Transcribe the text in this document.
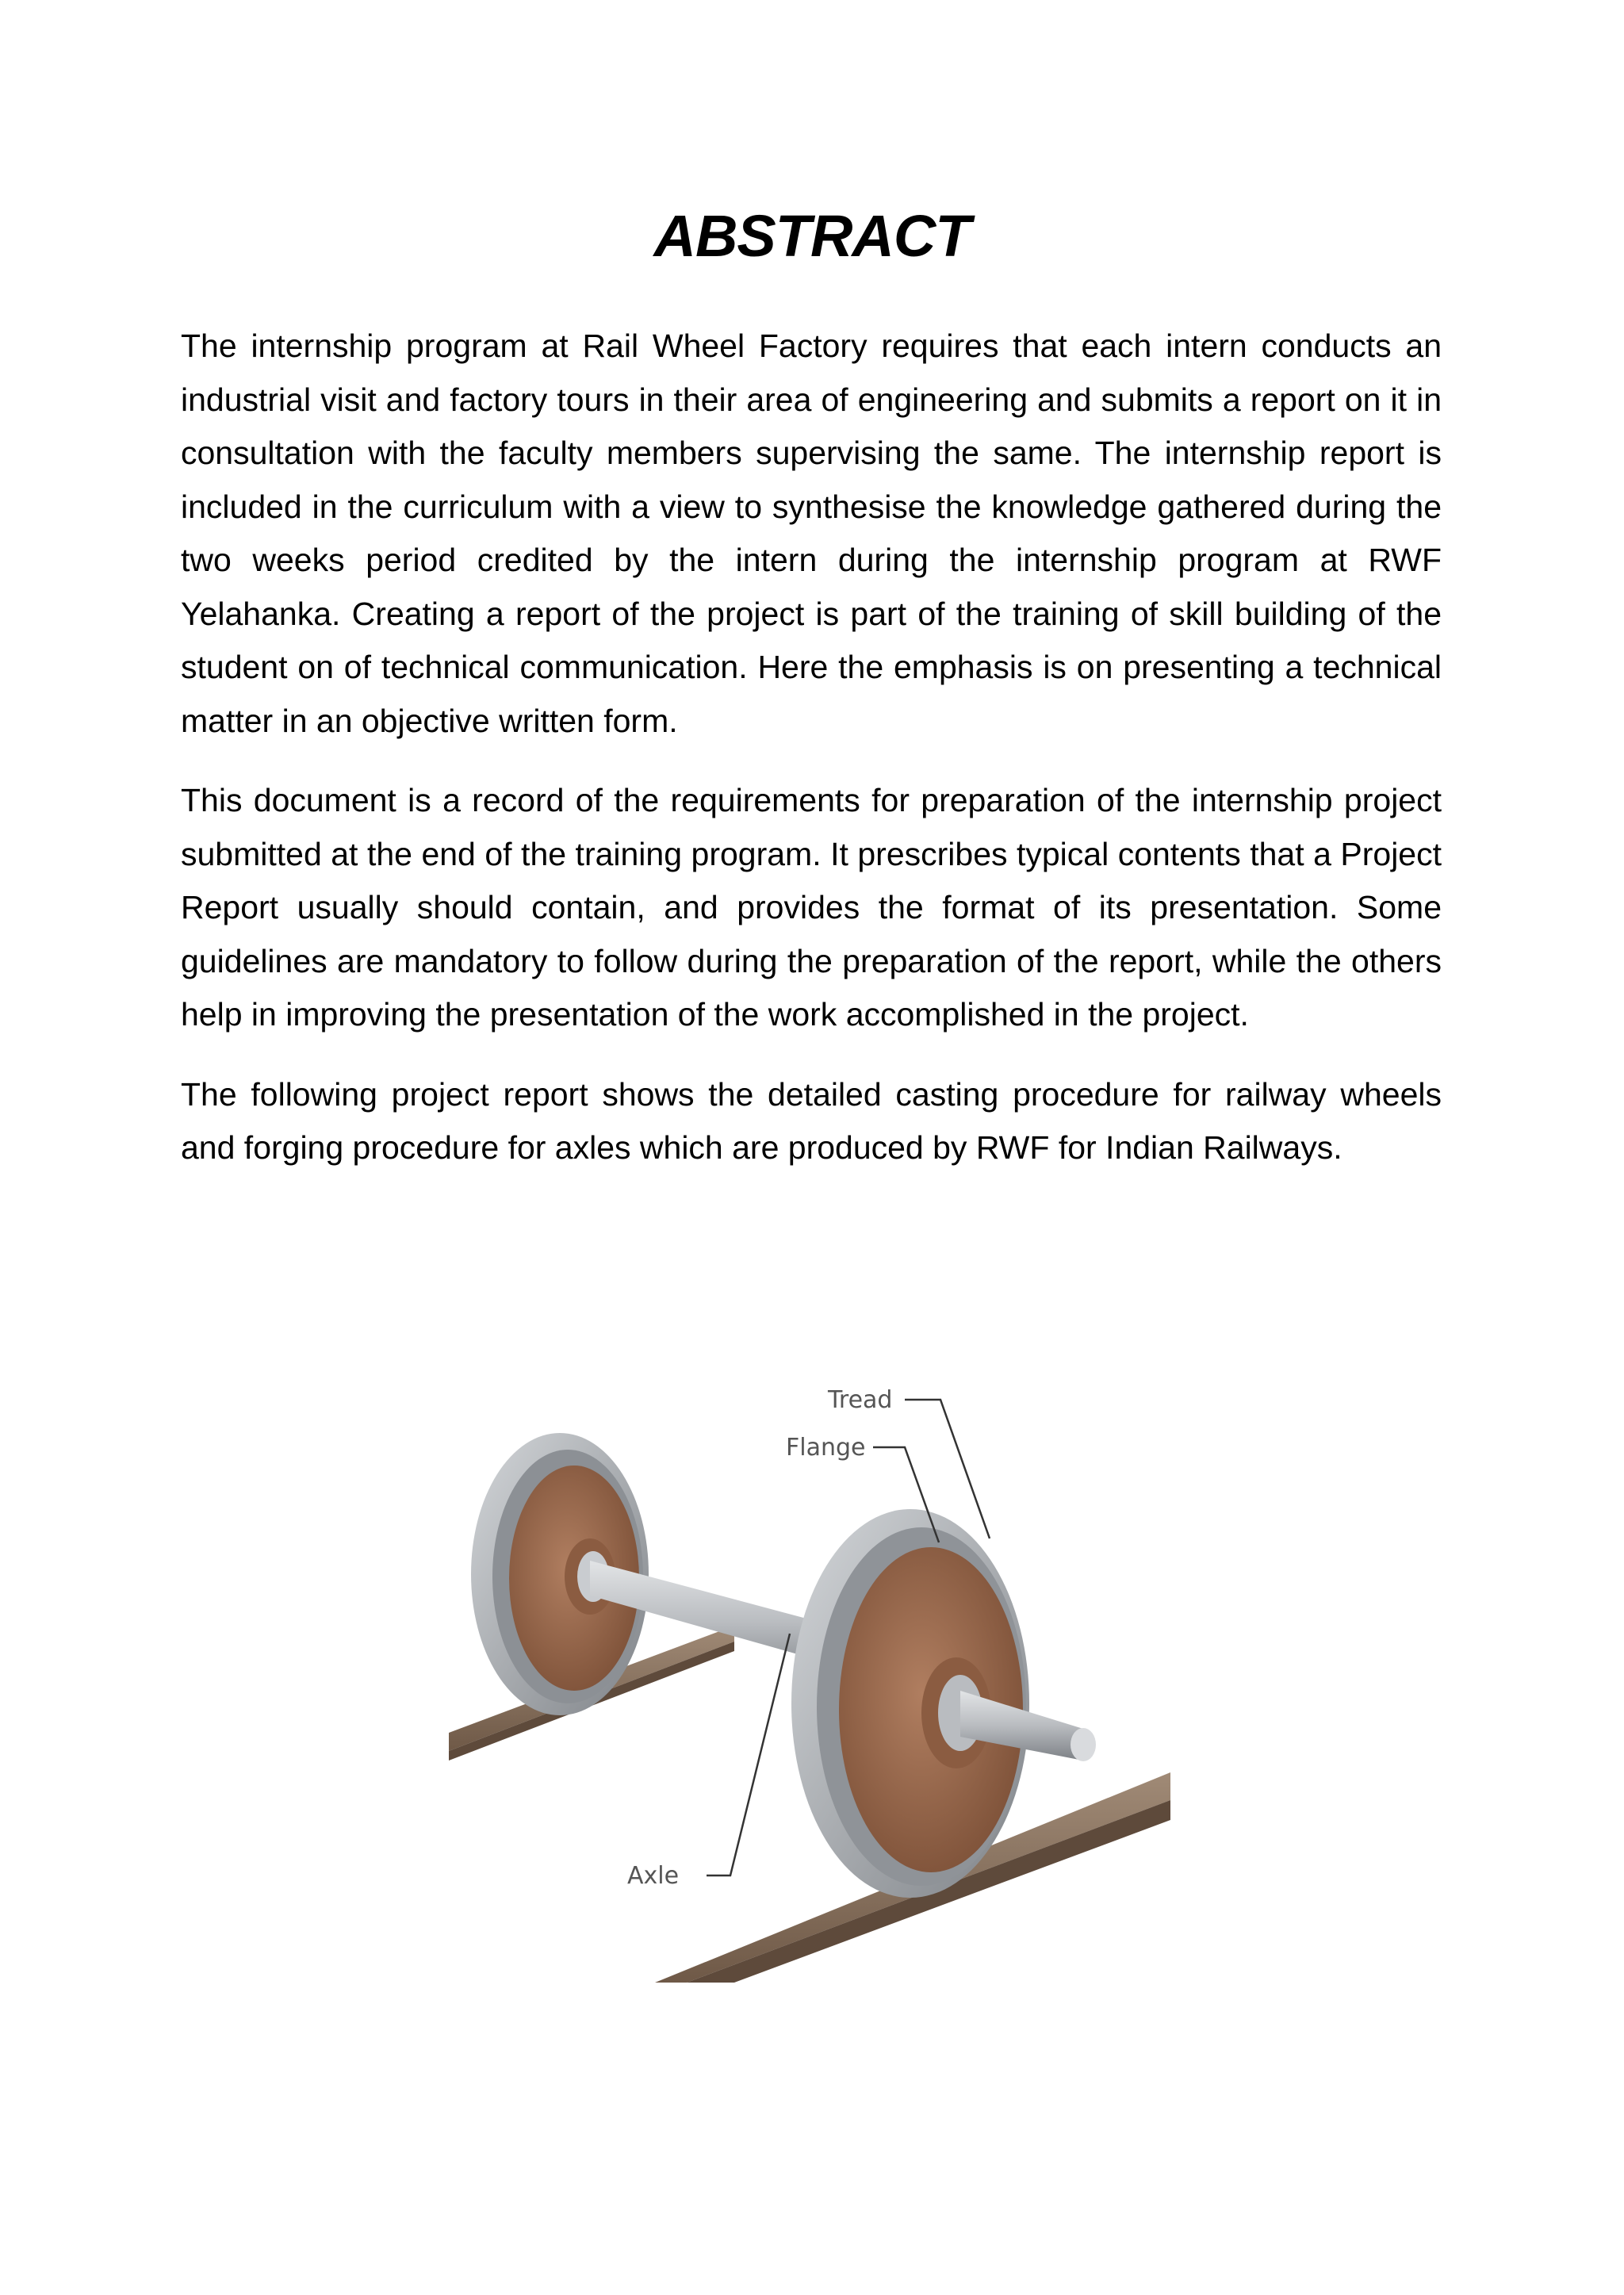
ABSTRACT

The internship program at Rail Wheel Factory requires that each intern conducts an industrial visit and factory tours in their area of engineering and submits a report on it in consultation with the faculty members supervising the same. The internship report is included in the curriculum with a view to synthesise the knowledge gathered during the two weeks period credited by the intern during the internship program at RWF Yelahanka. Creating a report of the project is part of the training of skill building of the student on of technical communication. Here the emphasis is on presenting a technical matter in an objective written form.

This document is a record of the requirements for preparation of the internship project submitted at the end of the training program. It prescribes typical contents that a Project Report usually should contain, and provides the format of its presentation. Some guidelines are mandatory to follow during the preparation of the report, while the others help in improving the presentation of the work accomplished in the project.

The following project report shows the detailed casting procedure for railway wheels and forging procedure for axles which are produced by RWF for Indian Railways.

Tread
Flange
Axle
